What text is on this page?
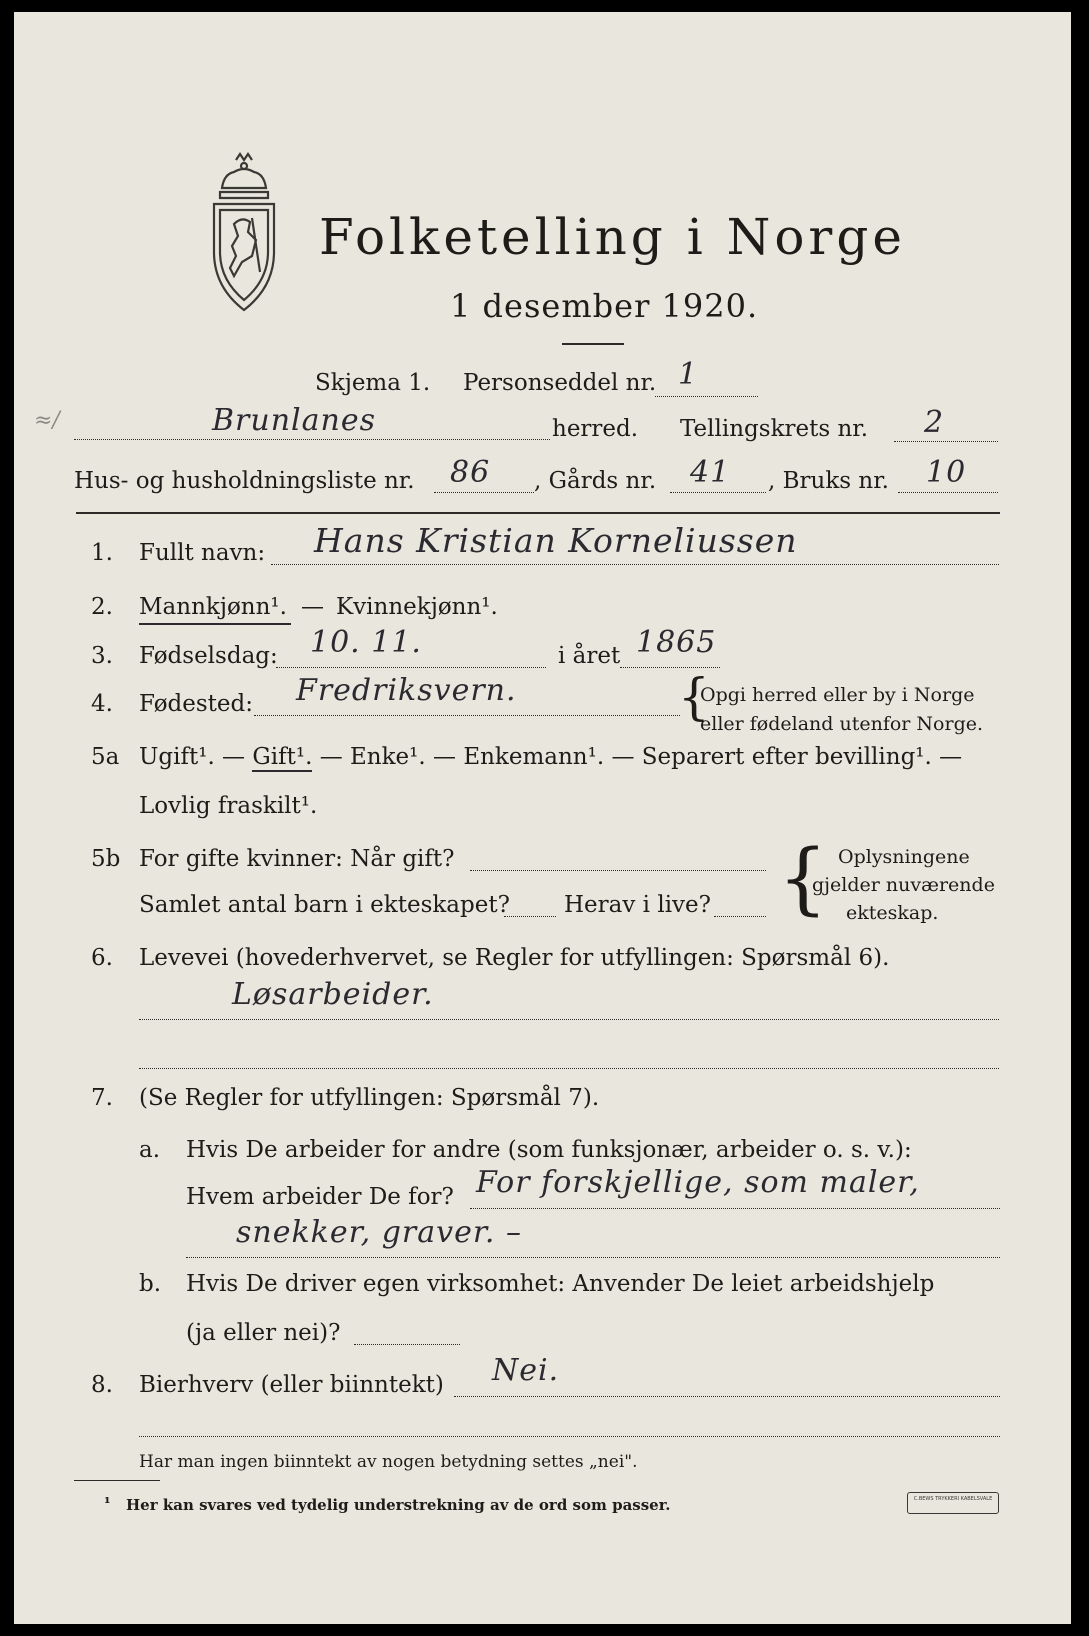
Folketelling i Norge
1 desember 1920.
Skjema 1. Personseddel nr. 1
≈/	Brunlanes	herred. Tellingskrets nr. 2
Hus- og husholdningsliste nr. 86 , Gårds nr. 41 , Bruks nr. 10
1. Fullt navn: Hans Kristian Korneliussen
2. Mannkjønn¹. — Kvinnekjønn¹.
3. Fødselsdag: 10. 11.	i året 1865
4. Fødested: Fredriksvern.	{
Opgi herred eller by i Norge
eller fødeland utenfor Norge.
5a Ugift¹. — Gift¹. — Enke¹. — Enkemann¹. — Separert efter bevilling¹. —
Lovlig fraskilt¹.
5b For gifte kvinner: Når gift?
Samlet antal barn i ekteskapet? Herav i live? { Oplysningene
gjelder nuværende
ekteskap.
6. Levevei (hovederhvervet, se Regler for utfyllingen: Spørsmål 6).
Løsarbeider.
7. (Se Regler for utfyllingen: Spørsmål 7).
a. Hvis De arbeider for andre (som funksjonær, arbeider o. s. v.):
Hvem arbeider De for? For forskjellige, som maler,
snekker, graver. –
b. Hvis De driver egen virksomhet: Anvender De leiet arbeidshjelp
(ja eller nei)?
8. Bierhverv (eller biinntekt) Nei.
Har man ingen biinntekt av nogen betydning settes „nei".
¹ Her kan svares ved tydelig understrekning av de ord som passer.	C.BEWS TRYKKERI KABELSVALE
